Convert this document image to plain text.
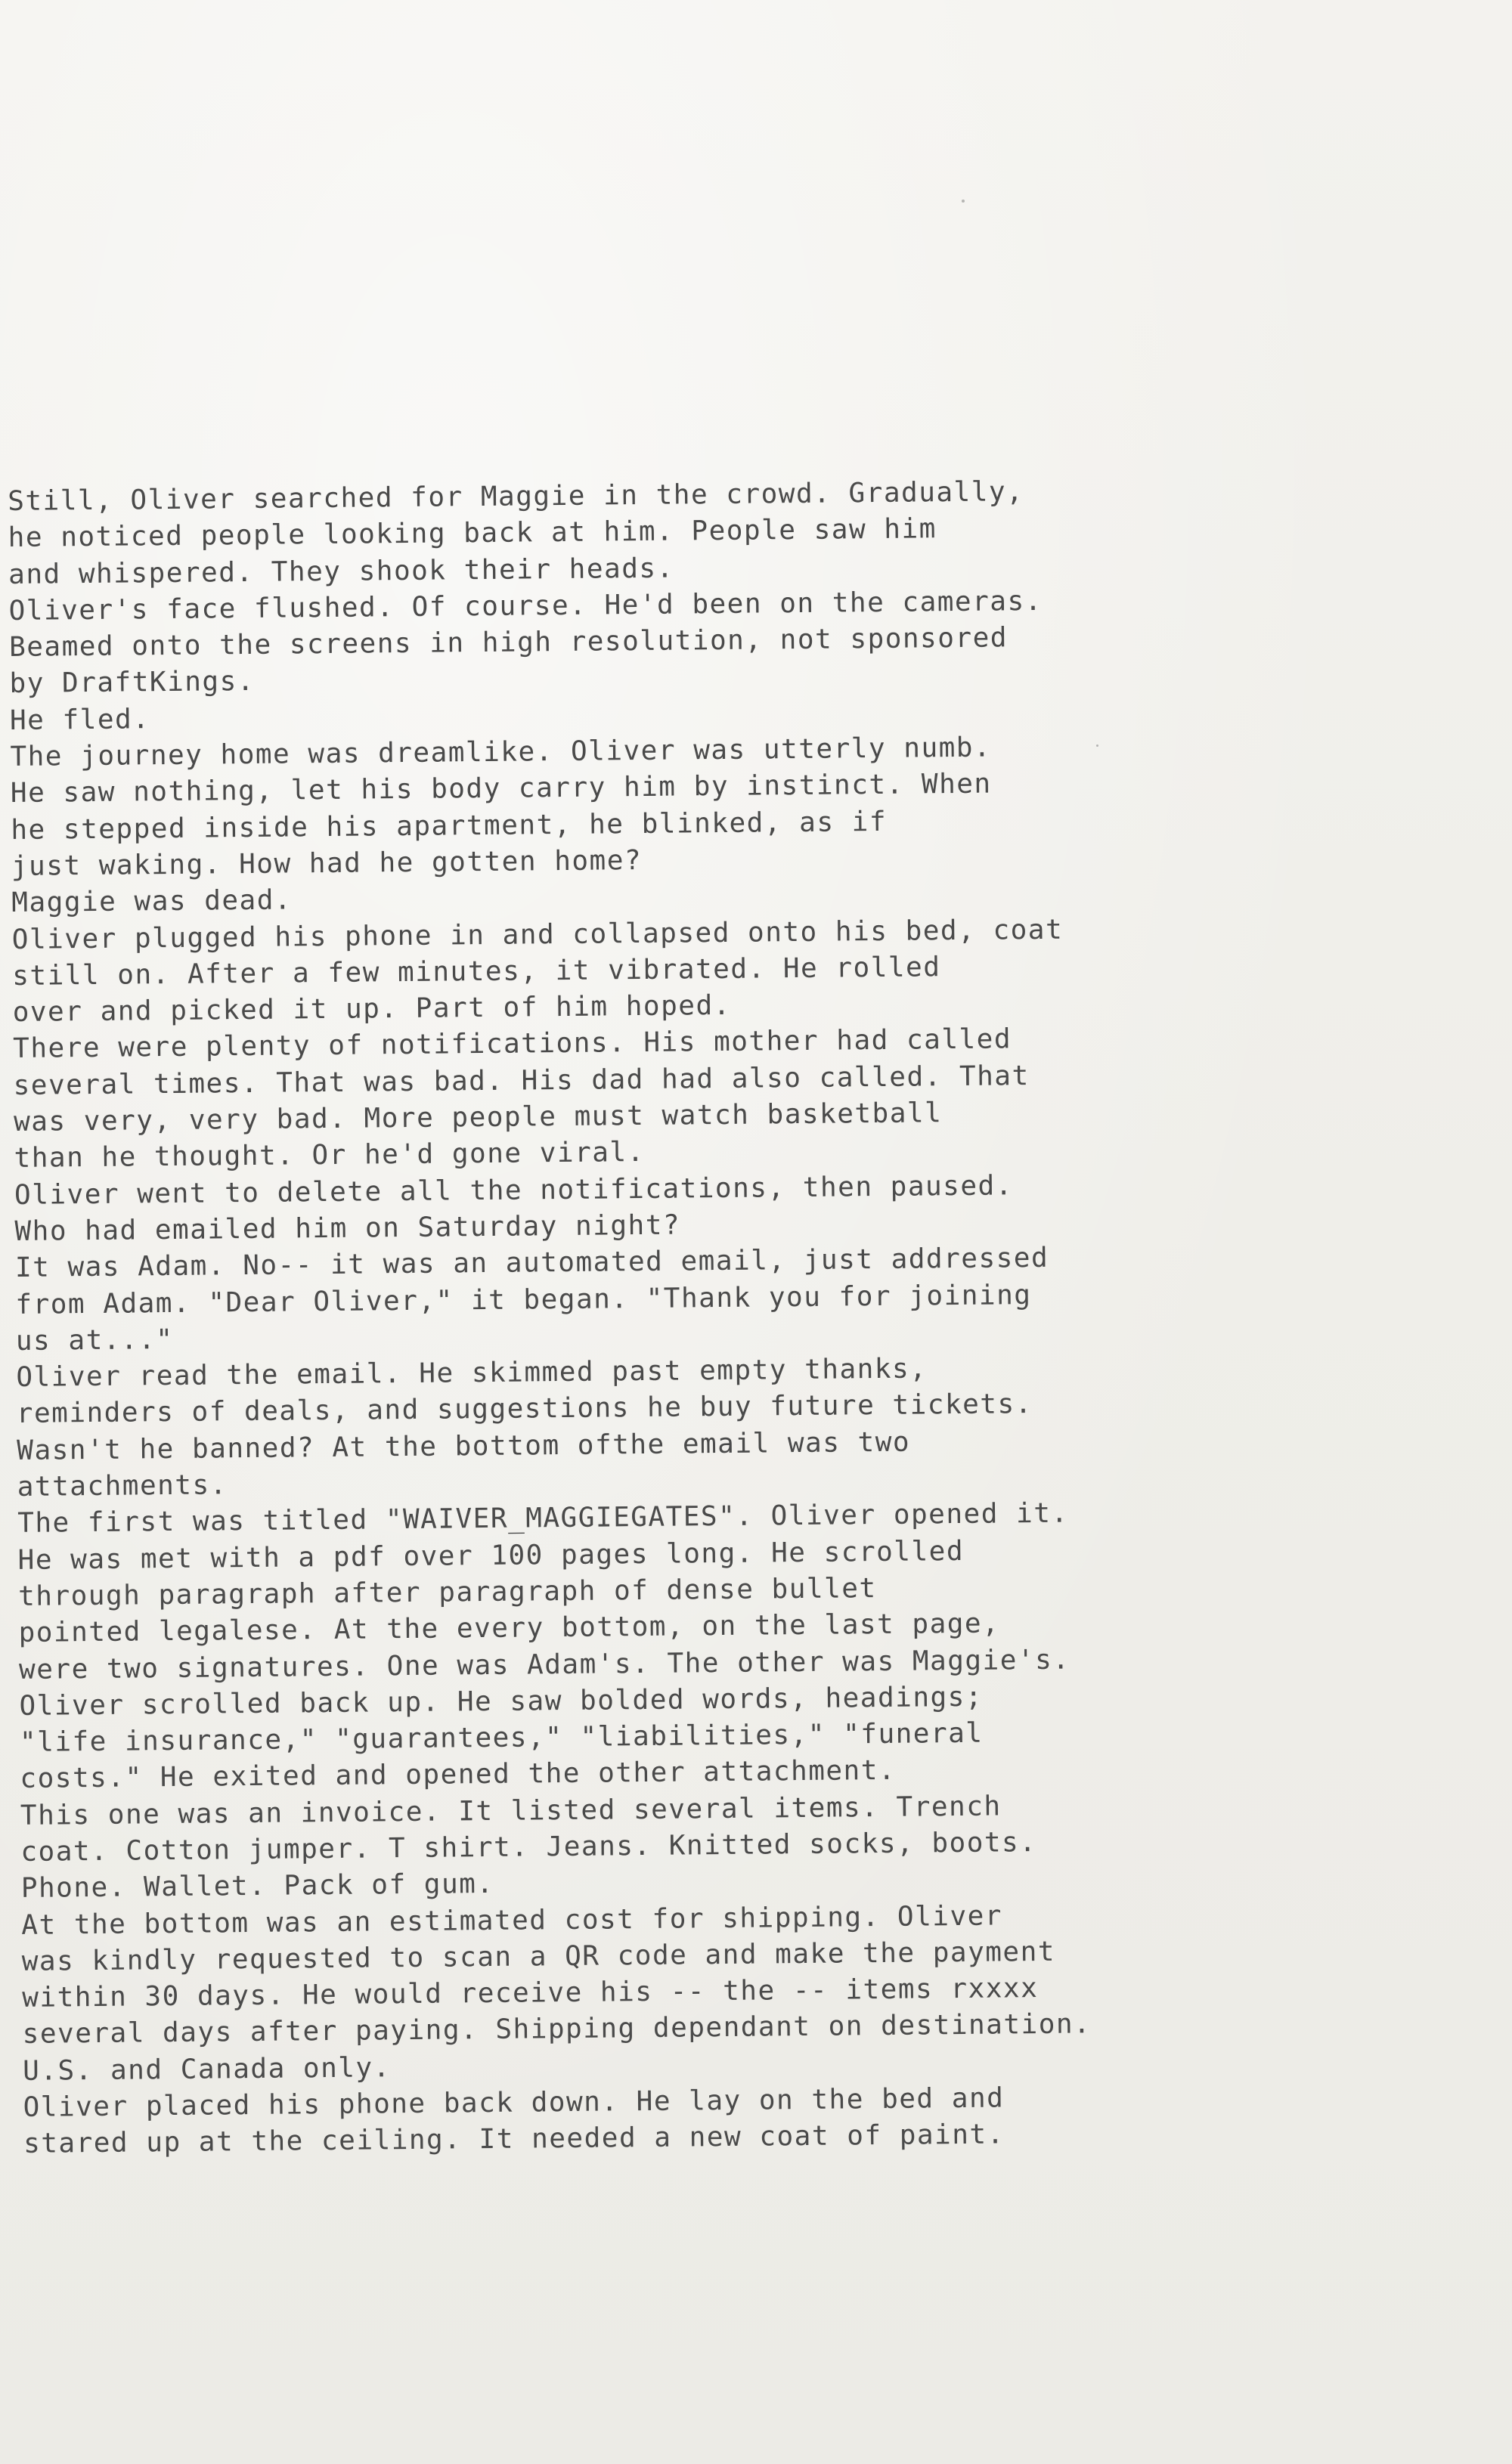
Still, Oliver searched for Maggie in the crowd. Gradually,
he noticed people looking back at him. People saw him
and whispered. They shook their heads.
Oliver's face flushed. Of course. He'd been on the cameras.
Beamed onto the screens in high resolution, not sponsored
by DraftKings.
He fled.
The journey home was dreamlike. Oliver was utterly numb.
He saw nothing, let his body carry him by instinct. When
he stepped inside his apartment, he blinked, as if
just waking. How had he gotten home?
Maggie was dead.
Oliver plugged his phone in and collapsed onto his bed, coat
still on. After a few minutes, it vibrated. He rolled
over and picked it up. Part of him hoped.
There were plenty of notifications. His mother had called
several times. That was bad. His dad had also called. That
was very, very bad. More people must watch basketball
than he thought. Or he'd gone viral.
Oliver went to delete all the notifications, then paused.
Who had emailed him on Saturday night?
It was Adam. No-- it was an automated email, just addressed
from Adam. "Dear Oliver," it began. "Thank you for joining
us at..."
Oliver read the email. He skimmed past empty thanks,
reminders of deals, and suggestions he buy future tickets.
Wasn't he banned? At the bottom ofthe email was two
attachments.
The first was titled "WAIVER_MAGGIEGATES". Oliver opened it.
He was met with a pdf over 100 pages long. He scrolled
through paragraph after paragraph of dense bullet
pointed legalese. At the every bottom, on the last page,
were two signatures. One was Adam's. The other was Maggie's.
Oliver scrolled back up. He saw bolded words, headings;
"life insurance," "guarantees," "liabilities," "funeral
costs." He exited and opened the other attachment.
This one was an invoice. It listed several items. Trench
coat. Cotton jumper. T shirt. Jeans. Knitted socks, boots.
Phone. Wallet. Pack of gum.
At the bottom was an estimated cost for shipping. Oliver
was kindly requested to scan a QR code and make the payment
within 30 days. He would receive his -- the -- items rxxxx
several days after paying. Shipping dependant on destination.
U.S. and Canada only.
Oliver placed his phone back down. He lay on the bed and
stared up at the ceiling. It needed a new coat of paint.
